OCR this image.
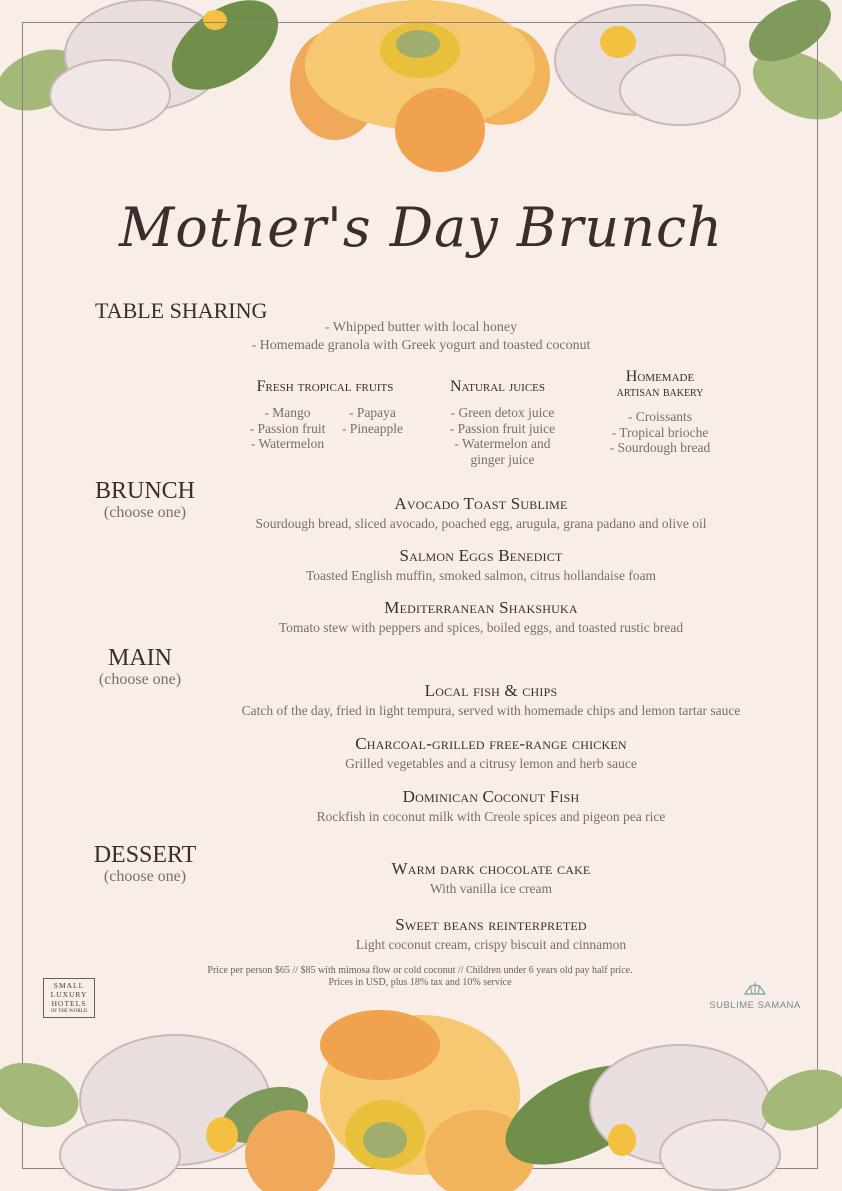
Mother's Day Brunch
TABLE SHARING
- Whipped butter with local honey
- Homemade granola with Greek yogurt and toasted coconut
Fresh tropical fruits
- Mango
- Passion fruit
- Watermelon
- Papaya
- Pineapple
Natural juices
- Green detox juice
- Passion fruit juice
- Watermelon and
ginger juice
Homemade
artisan bakery
- Croissants
- Tropical brioche
- Sourdough bread
BRUNCH
(choose one)	Avocado Toast Sublime
Sourdough bread, sliced avocado, poached egg, arugula, grana padano and olive oil
Salmon Eggs Benedict
Toasted English muffin, smoked salmon, citrus hollandaise foam
Mediterranean Shakshuka
Tomato stew with peppers and spices, boiled eggs, and toasted rustic bread
MAIN
(choose one)
Local fish & chips
Catch of the day, fried in light tempura, served with homemade chips and lemon tartar sauce
Charcoal-grilled free-range chicken
Grilled vegetables and a citrusy lemon and herb sauce
Dominican Coconut Fish
Rockfish in coconut milk with Creole spices and pigeon pea rice
DESSERT
(choose one)	Warm dark chocolate cake
With vanilla ice cream
Sweet beans reinterpreted
Light coconut cream, crispy biscuit and cinnamon
Price per person $65 // $85 with mimosa flow or cold coconut // Children under 6 years old pay half price.
Prices in USD, plus 18% tax and 10% service
SMALL
LUXURY
HOTELS
OF THE WORLD
SUBLIME SAMANA
